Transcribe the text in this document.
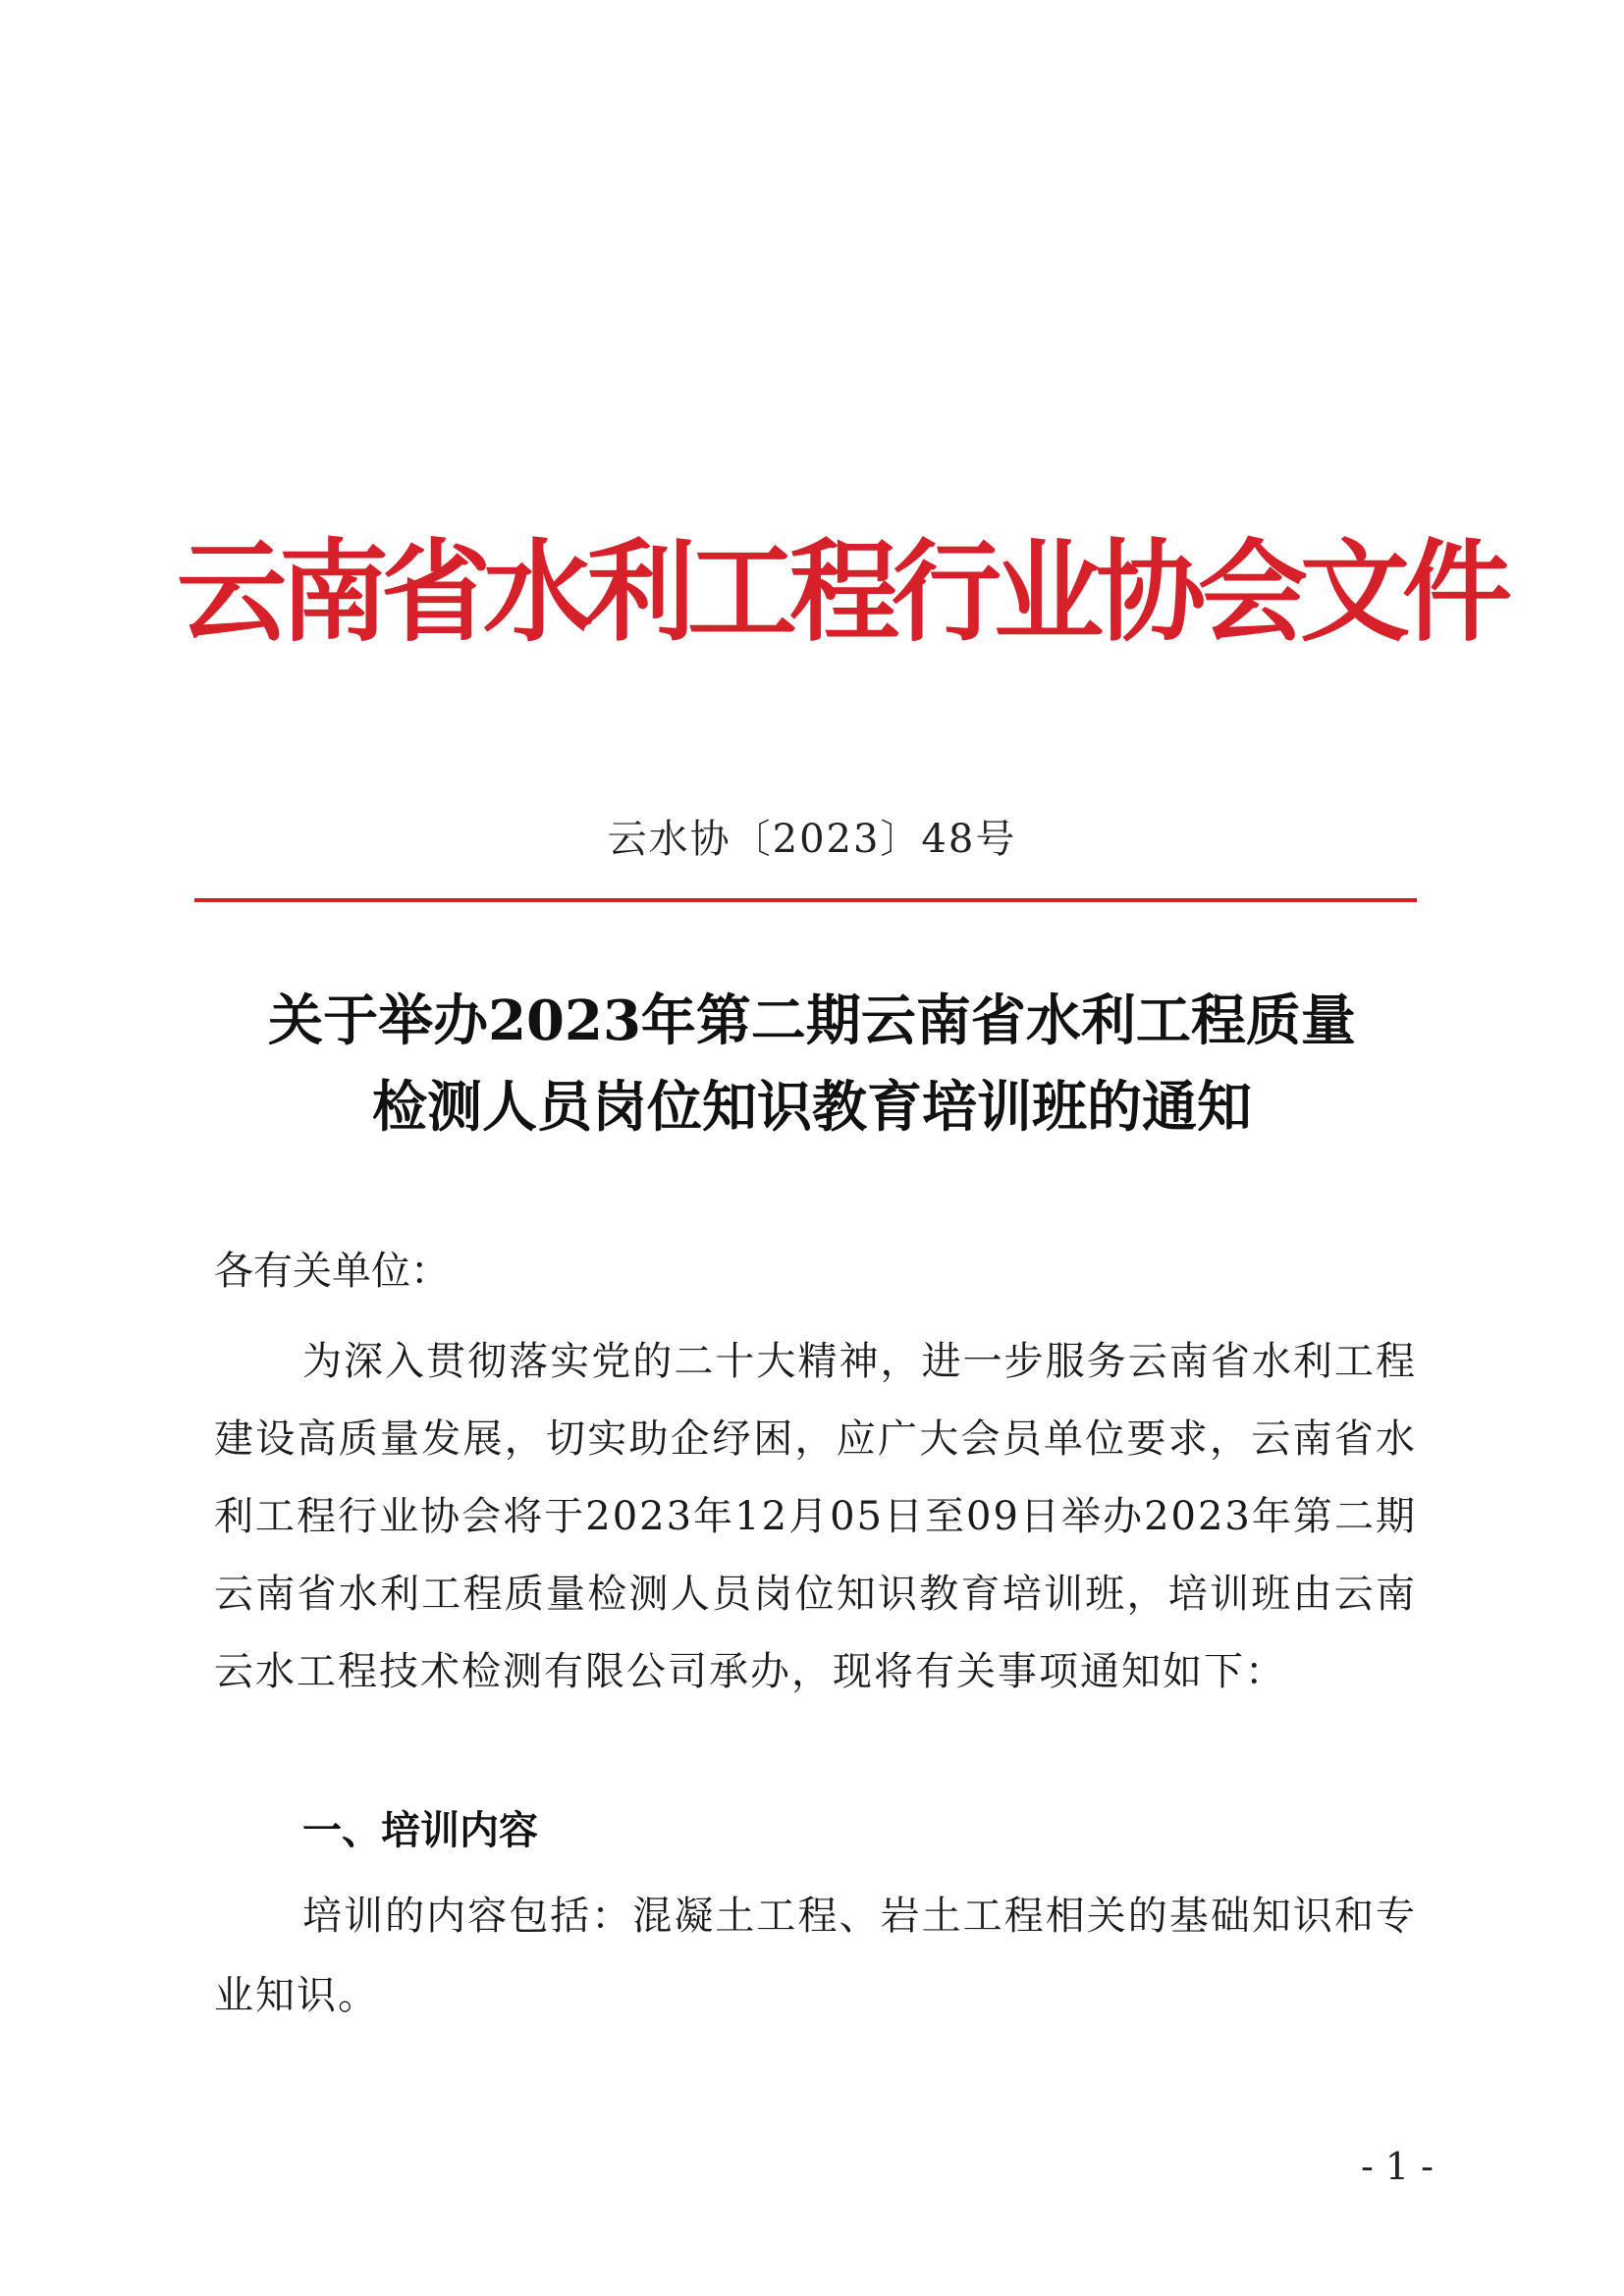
云南省水利工程行业协会文件
云水协〔2023〕48号
关于举办2023年第二期云南省水利工程质量
检测人员岗位知识教育培训班的通知
各有关单位：
为深入贯彻落实党的二十大精神，进一步服务云南省水利工程建设高质量发展，切实助企纾困，应广大会员单位要求，云南省水利工程行业协会将于2023年12月05日至09日举办2023年第二期云南省水利工程质量检测人员岗位知识教育培训班，培训班由云南云水工程技术检测有限公司承办，现将有关事项通知如下：
一、培训内容
培训的内容包括：混凝土工程、岩土工程相关的基础知识和专业知识。
- 1 -
